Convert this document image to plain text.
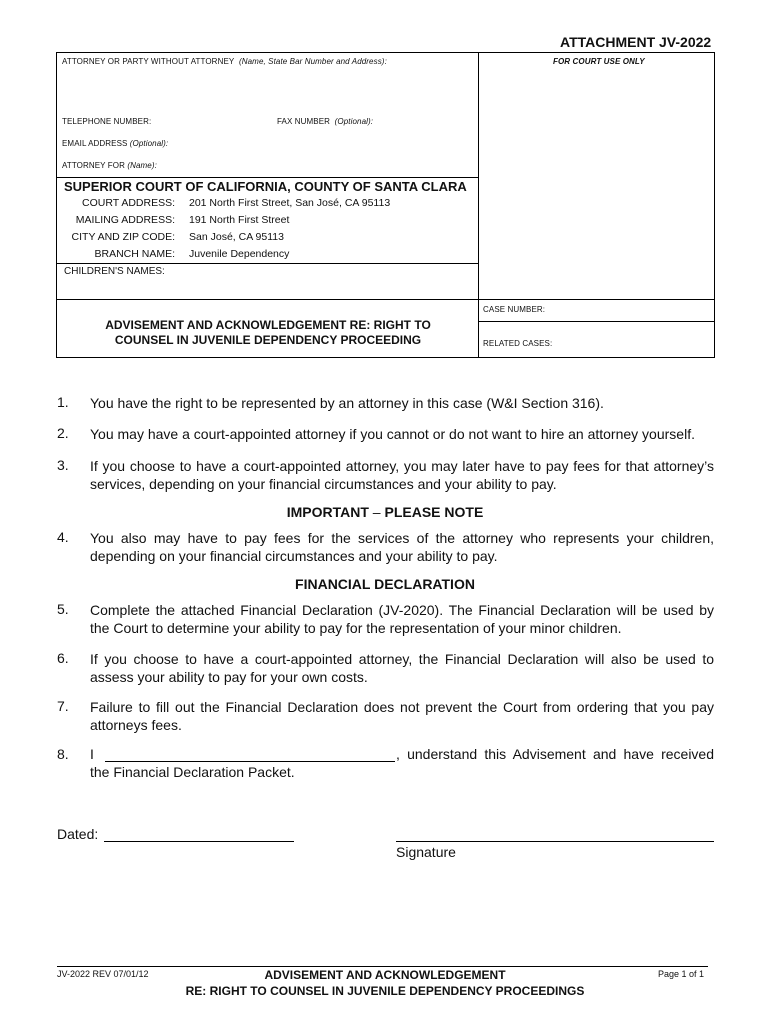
ATTACHMENT JV-2022
ATTORNEY OR PARTY WITHOUT ATTORNEY (Name, State Bar Number and Address):	FOR COURT USE ONLY
TELEPHONE NUMBER:	FAX NUMBER (Optional):
EMAIL ADDRESS (Optional):
ATTORNEY FOR (Name):
SUPERIOR COURT OF CALIFORNIA, COUNTY OF SANTA CLARA
COURT ADDRESS: 201 North First Street, San José, CA 95113
MAILING ADDRESS: 191 North First Street
CITY AND ZIP CODE: San José, CA 95113
BRANCH NAME: Juvenile Dependency
CHILDREN'S NAMES:
CASE NUMBER:
RELATED CASES:
ADVISEMENT AND ACKNOWLEDGEMENT RE: RIGHT TO
COUNSEL IN JUVENILE DEPENDENCY PROCEEDING
1. You have the right to be represented by an attorney in this case (W&I Section 316).
2. You may have a court-appointed attorney if you cannot or do not want to hire an attorney yourself.
3. If you choose to have a court-appointed attorney, you may later have to pay fees for that attorney’s services, depending on your financial circumstances and your ability to pay.
IMPORTANT – PLEASE NOTE
4. You also may have to pay fees for the services of the attorney who represents your children, depending on your financial circumstances and your ability to pay.
FINANCIAL DECLARATION
5. Complete the attached Financial Declaration (JV-2020). The Financial Declaration will be used by the Court to determine your ability to pay for the representation of your minor children.
6. If you choose to have a court-appointed attorney, the Financial Declaration will also be used to assess your ability to pay for your own costs.
7. Failure to fill out the Financial Declaration does not prevent the Court from ordering that you pay attorneys fees.
8. I	, understand this Advisement and have received
the Financial Declaration Packet.
Dated:
Signature
JV-2022 REV 07/01/12	ADVISEMENT AND ACKNOWLEDGEMENT
RE: RIGHT TO COUNSEL IN JUVENILE DEPENDENCY PROCEEDINGS
Page 1 of 1
